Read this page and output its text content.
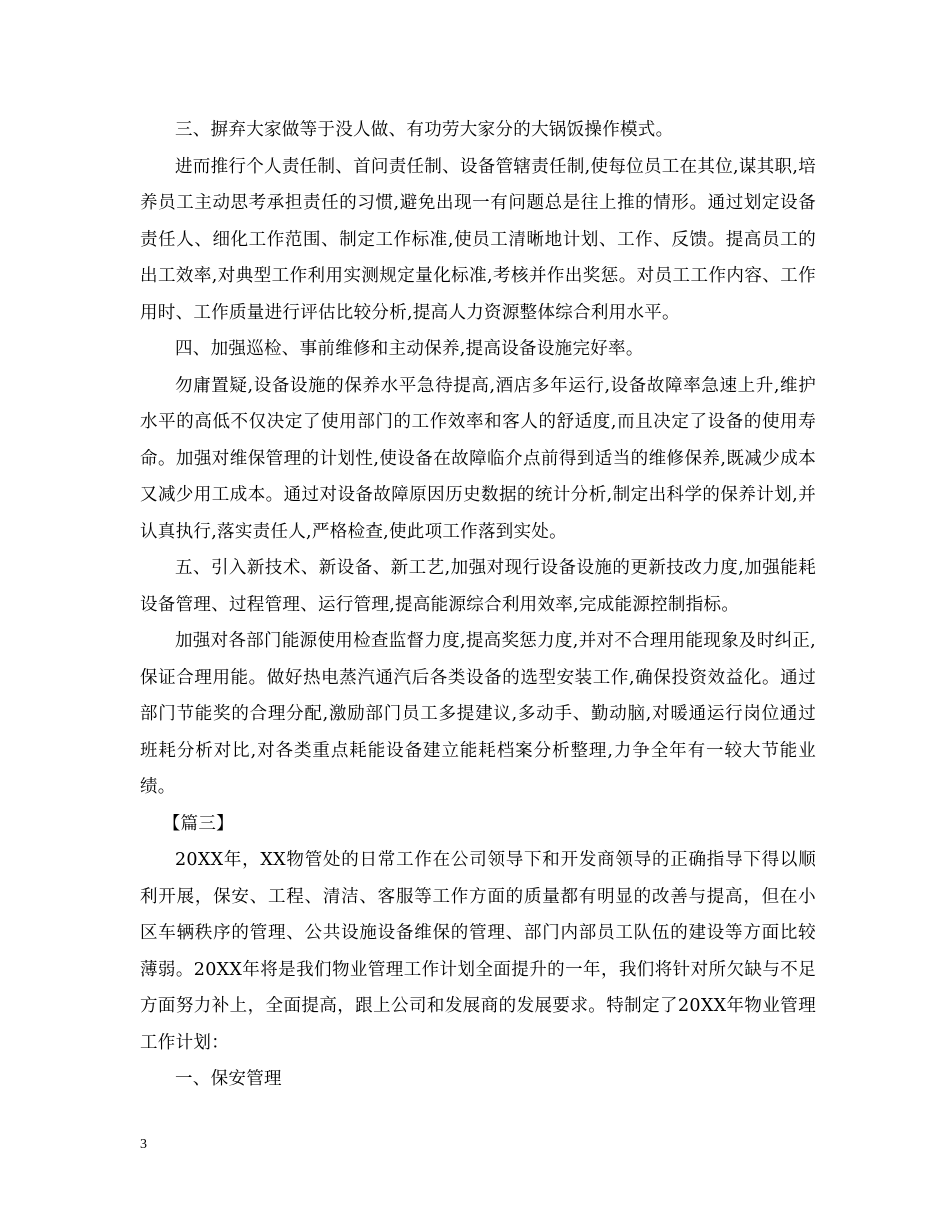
三、摒弃大家做等于没人做、有功劳大家分的大锅饭操作模式。

进而推行个人责任制、首问责任制、设备管辖责任制,使每位员工在其位,谋其职,培养员工主动思考承担责任的习惯,避免出现一有问题总是往上推的情形。通过划定设备责任人、细化工作范围、制定工作标准,使员工清晰地计划、工作、反馈。提高员工的出工效率,对典型工作利用实测规定量化标准,考核并作出奖惩。对员工工作内容、工作用时、工作质量进行评估比较分析,提高人力资源整体综合利用水平。

四、加强巡检、事前维修和主动保养,提高设备设施完好率。

勿庸置疑,设备设施的保养水平急待提高,酒店多年运行,设备故障率急速上升,维护水平的高低不仅决定了使用部门的工作效率和客人的舒适度,而且决定了设备的使用寿命。加强对维保管理的计划性,使设备在故障临介点前得到适当的维修保养,既减少成本又减少用工成本。通过对设备故障原因历史数据的统计分析,制定出科学的保养计划,并认真执行,落实责任人,严格检查,使此项工作落到实处。

五、引入新技术、新设备、新工艺,加强对现行设备设施的更新技改力度,加强能耗设备管理、过程管理、运行管理,提高能源综合利用效率,完成能源控制指标。

加强对各部门能源使用检查监督力度,提高奖惩力度,并对不合理用能现象及时纠正,保证合理用能。做好热电蒸汽通汽后各类设备的选型安装工作,确保投资效益化。通过部门节能奖的合理分配,激励部门员工多提建议,多动手、勤动脑,对暖通运行岗位通过班耗分析对比,对各类重点耗能设备建立能耗档案分析整理,力争全年有一较大节能业绩。

【篇三】

20XX年，XX物管处的日常工作在公司领导下和开发商领导的正确指导下得以顺利开展，保安、工程、清洁、客服等工作方面的质量都有明显的改善与提高，但在小区车辆秩序的管理、公共设施设备维保的管理、部门内部员工队伍的建设等方面比较薄弱。20XX年将是我们物业管理工作计划全面提升的一年，我们将针对所欠缺与不足方面努力补上，全面提高，跟上公司和发展商的发展要求。特制定了20XX年物业管理工作计划：

一、保安管理

3
